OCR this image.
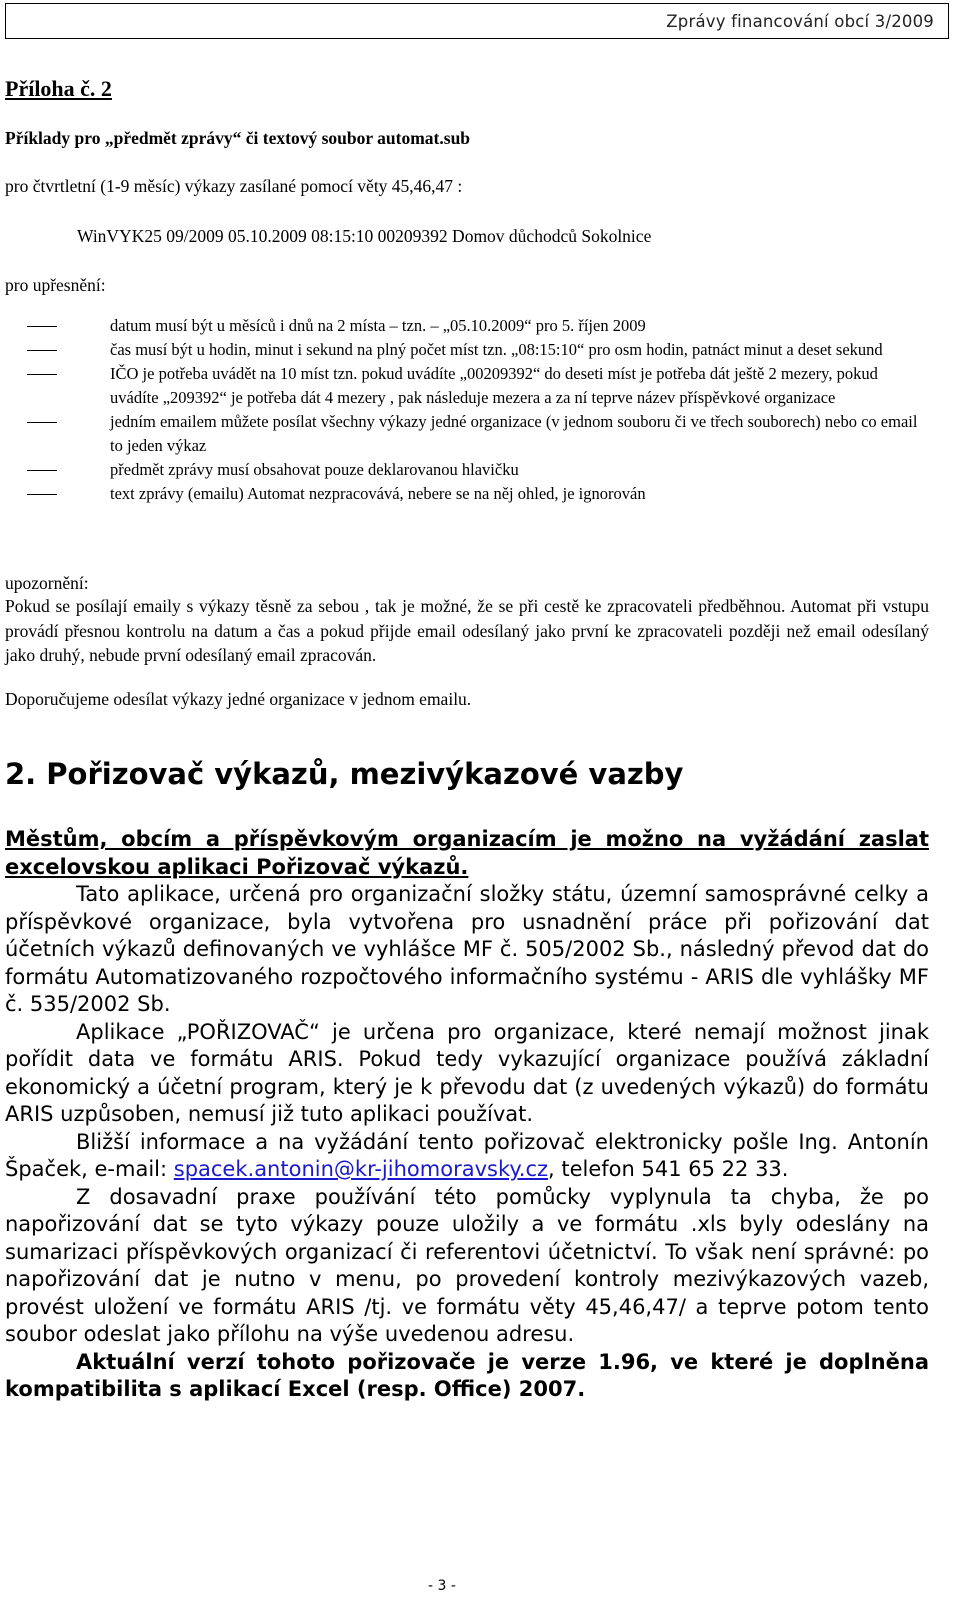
Zprávy financování obcí 3/2009
Příloha č. 2
Příklady pro „předmět zprávy“ či textový soubor automat.sub
pro čtvrtletní (1-9 měsíc) výkazy zasílané pomocí věty 45,46,47 :
WinVYK25 09/2009 05.10.2009 08:15:10 00209392 Domov důchodců Sokolnice
pro upřesnění:
datum musí být u měsíců i dnů na 2 místa – tzn. – „05.10.2009“ pro 5. říjen 2009
čas musí být u hodin, minut i sekund na plný počet míst tzn. „08:15:10“ pro osm hodin, patnáct minut a deset sekund
IČO je potřeba uvádět na 10 míst tzn. pokud uvádíte „00209392“ do deseti míst je potřeba dát ještě 2 mezery, pokud uvádíte „209392“ je potřeba dát 4 mezery , pak následuje mezera a za ní teprve název příspěvkové organizace
jedním emailem můžete posílat všechny výkazy jedné organizace (v jednom souboru či ve třech souborech) nebo co email to jeden výkaz
předmět zprávy musí obsahovat pouze deklarovanou hlavičku
text zprávy (emailu) Automat nezpracovává, nebere se na něj ohled, je ignorován
upozornění:
Pokud se posílají emaily s výkazy těsně za sebou , tak je možné, že se při cestě ke zpracovateli předběhnou. Automat při vstupu provádí přesnou kontrolu na datum a čas a pokud přijde email odesílaný jako první ke zpracovateli později než email odesílaný jako druhý, nebude první odesílaný email zpracován.
Doporučujeme odesílat výkazy jedné organizace v jednom emailu.
2. Pořizovač výkazů, mezivýkazové vazby

Městům, obcím a příspěvkovým organizacím je možno na vyžádání zaslat excelovskou aplikaci Pořizovač výkazů.

Tato aplikace, určená pro organizační složky státu, územní samosprávné celky a příspěvkové organizace, byla vytvořena pro usnadnění práce při pořizování dat účetních výkazů definovaných ve vyhlášce MF č. 505/2002 Sb., následný převod dat do formátu Automatizovaného rozpočtového informačního systému - ARIS dle vyhlášky MF č. 535/2002 Sb.

Aplikace „POŘIZOVAČ“ je určena pro organizace, které nemají možnost jinak pořídit data ve formátu ARIS. Pokud tedy vykazující organizace používá základní ekonomický a účetní program, který je k převodu dat (z uvedených výkazů) do formátu ARIS uzpůsoben, nemusí již tuto aplikaci používat.

Bližší informace a na vyžádání tento pořizovač elektronicky pošle Ing. Antonín Špaček, e-mail: spacek.antonin@kr-jihomoravsky.cz, telefon 541 65 22 33.

Z dosavadní praxe používání této pomůcky vyplynula ta chyba, že po napořizování dat se tyto výkazy pouze uložily a ve formátu .xls byly odeslány na sumarizaci příspěvkových organizací či referentovi účetnictví. To však není správné: po napořizování dat je nutno v menu, po provedení kontroly mezivýkazových vazeb, provést uložení ve formátu ARIS /tj. ve formátu věty 45,46,47/ a teprve potom tento soubor odeslat jako přílohu na výše uvedenou adresu.

Aktuální verzí tohoto pořizovače je verze 1.96, ve které je doplněna kompatibilita s aplikací Excel (resp. Office) 2007.

- 3 -
